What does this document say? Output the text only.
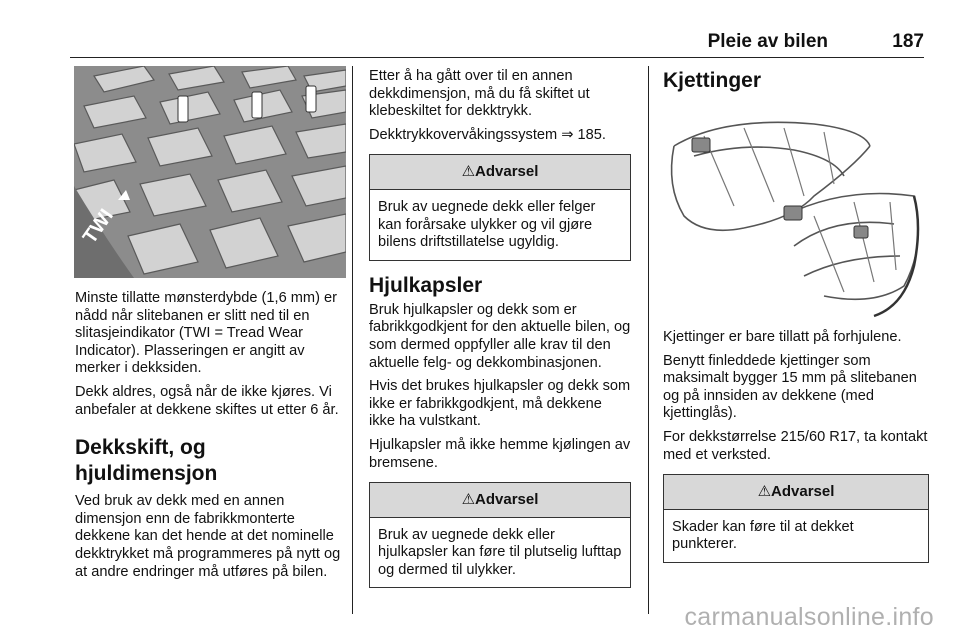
Pleie av bilen	187
TWI

Minste tillatte mønsterdybde (1,6 mm) er nådd når slitebanen er slitt ned til en slitasjeindikator (TWI = Tread Wear Indicator). Plasseringen er angitt av merker i dekksiden.

Dekk aldres, også når de ikke kjøres. Vi anbefaler at dekkene skiftes ut etter 6 år.

Dekkskift, og hjuldimensjon

Ved bruk av dekk med en annen dimensjon enn de fabrikkmonterte dekkene kan det hende at det nominelle dekktrykket må programmeres på nytt og at andre endringer må utføres på bilen.

Etter å ha gått over til en annen dekkdimensjon, må du få skiftet ut klebeskiltet for dekktrykk.

Dekktrykkovervåkingssystem ⇒ 185.

⚠Advarsel
Bruk av uegnede dekk eller felger kan forårsake ulykker og vil gjøre bilens driftstillatelse ugyldig.
Hjulkapsler

Bruk hjulkapsler og dekk som er fabrikkgodkjent for den aktuelle bilen, og som dermed oppfyller alle krav til den aktuelle felg- og dekkombinasjonen.

Hvis det brukes hjulkapsler og dekk som ikke er fabrikkgodkjent, må dekkene ikke ha vulstkant.

Hjulkapsler må ikke hemme kjølingen av bremsene.

⚠Advarsel
Bruk av uegnede dekk eller hjulkapsler kan føre til plutselig lufttap og dermed til ulykker.
Kjettinger

Kjettinger er bare tillatt på forhjulene.

Benytt finleddede kjettinger som maksimalt bygger 15 mm på slitebanen og på innsiden av dekkene (med kjettinglås).

For dekkstørrelse 215/60 R17, ta kontakt med et verksted.

⚠Advarsel
Skader kan føre til at dekket punkterer.
carmanualsonline.info
